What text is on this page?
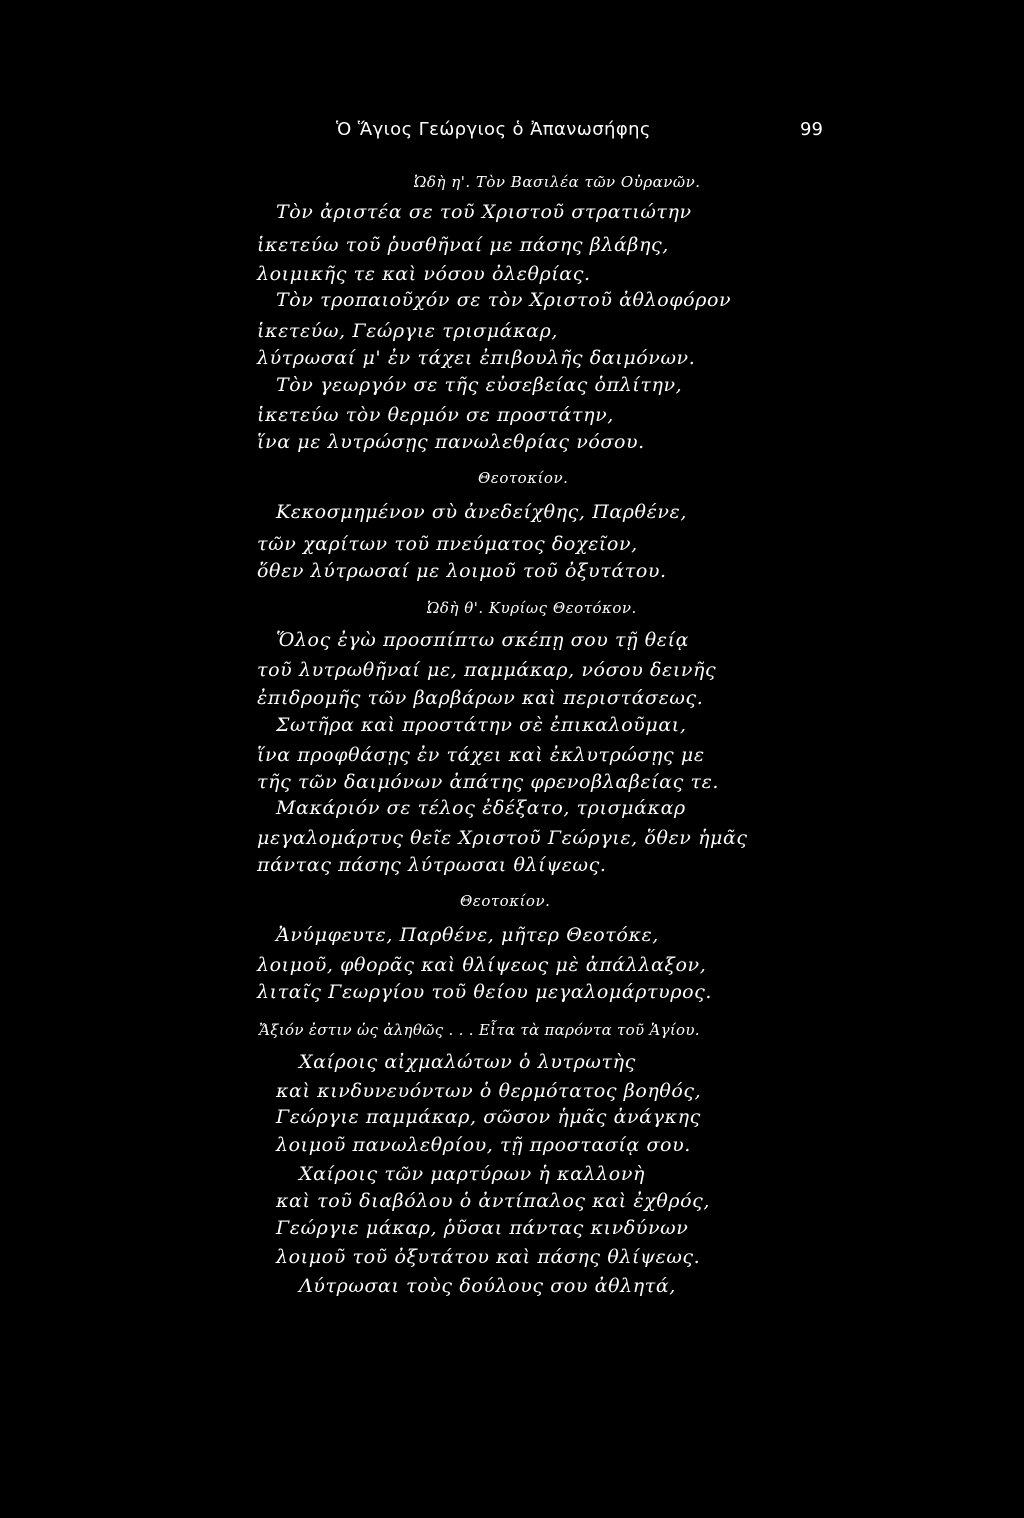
Ὁ Ἅγιος Γεώργιος ὁ Ἀπανωσήφης	99
Ὠδὴ η'. Τὸν Βασιλέα τῶν Οὐρανῶν.
Τὸν ἀριστέα σε τοῦ Χριστοῦ στρατιώτην
ἱκετεύω τοῦ ῥυσθῆναί με πάσης βλάβης,
λοιμικῆς τε καὶ νόσου ὀλεθρίας.
Τὸν τροπαιοῦχόν σε τὸν Χριστοῦ ἀθλοφόρον
ἱκετεύω, Γεώργιε τρισμάκαρ,
λύτρωσαί μ' ἐν τάχει ἐπιβουλῆς δαιμόνων.
Τὸν γεωργόν σε τῆς εὐσεβείας ὁπλίτην,
ἱκετεύω τὸν θερμόν σε προστάτην,
ἵνα με λυτρώσῃς πανωλεθρίας νόσου.
Θεοτοκίον.
Κεκοσμημένον σὺ ἀνεδείχθης, Παρθένε,
τῶν χαρίτων τοῦ πνεύματος δοχεῖον,
ὅθεν λύτρωσαί με λοιμοῦ τοῦ ὀξυτάτου.
Ὠδὴ θ'. Κυρίως Θεοτόκον.
Ὅλος ἐγὼ προσπίπτω σκέπῃ σου τῇ θείᾳ
τοῦ λυτρωθῆναί με, παμμάκαρ, νόσου δεινῆς
ἐπιδρομῆς τῶν βαρβάρων καὶ περιστάσεως.
Σωτῆρα καὶ προστάτην σὲ ἐπικαλοῦμαι,
ἵνα προφθάσῃς ἐν τάχει καὶ ἐκλυτρώσῃς με
τῆς τῶν δαιμόνων ἀπάτης φρενοβλαβείας τε.
Μακάριόν σε τέλος ἐδέξατο, τρισμάκαρ
μεγαλομάρτυς θεῖε Χριστοῦ Γεώργιε, ὅθεν ἡμᾶς
πάντας πάσης λύτρωσαι θλίψεως.
Θεοτοκίον.
Ἀνύμφευτε, Παρθένε, μῆτερ Θεοτόκε,
λοιμοῦ, φθορᾶς καὶ θλίψεως μὲ ἀπάλλαξον,
λιταῖς Γεωργίου τοῦ θείου μεγαλομάρτυρος.
Ἄξιόν ἐστιν ὡς ἀληθῶς . . . Εἶτα τὰ παρόντα τοῦ Ἁγίου.
Χαίροις αἰχμαλώτων ὁ λυτρωτὴς
καὶ κινδυνευόντων ὁ θερμότατος βοηθός,
Γεώργιε παμμάκαρ, σῶσον ἡμᾶς ἀνάγκης
λοιμοῦ πανωλεθρίου, τῇ προστασίᾳ σου.
Χαίροις τῶν μαρτύρων ἡ καλλονὴ
καὶ τοῦ διαβόλου ὁ ἀντίπαλος καὶ ἐχθρός,
Γεώργιε μάκαρ, ῥῦσαι πάντας κινδύνων
λοιμοῦ τοῦ ὀξυτάτου καὶ πάσης θλίψεως.
Λύτρωσαι τοὺς δούλους σου ἀθλητά,
